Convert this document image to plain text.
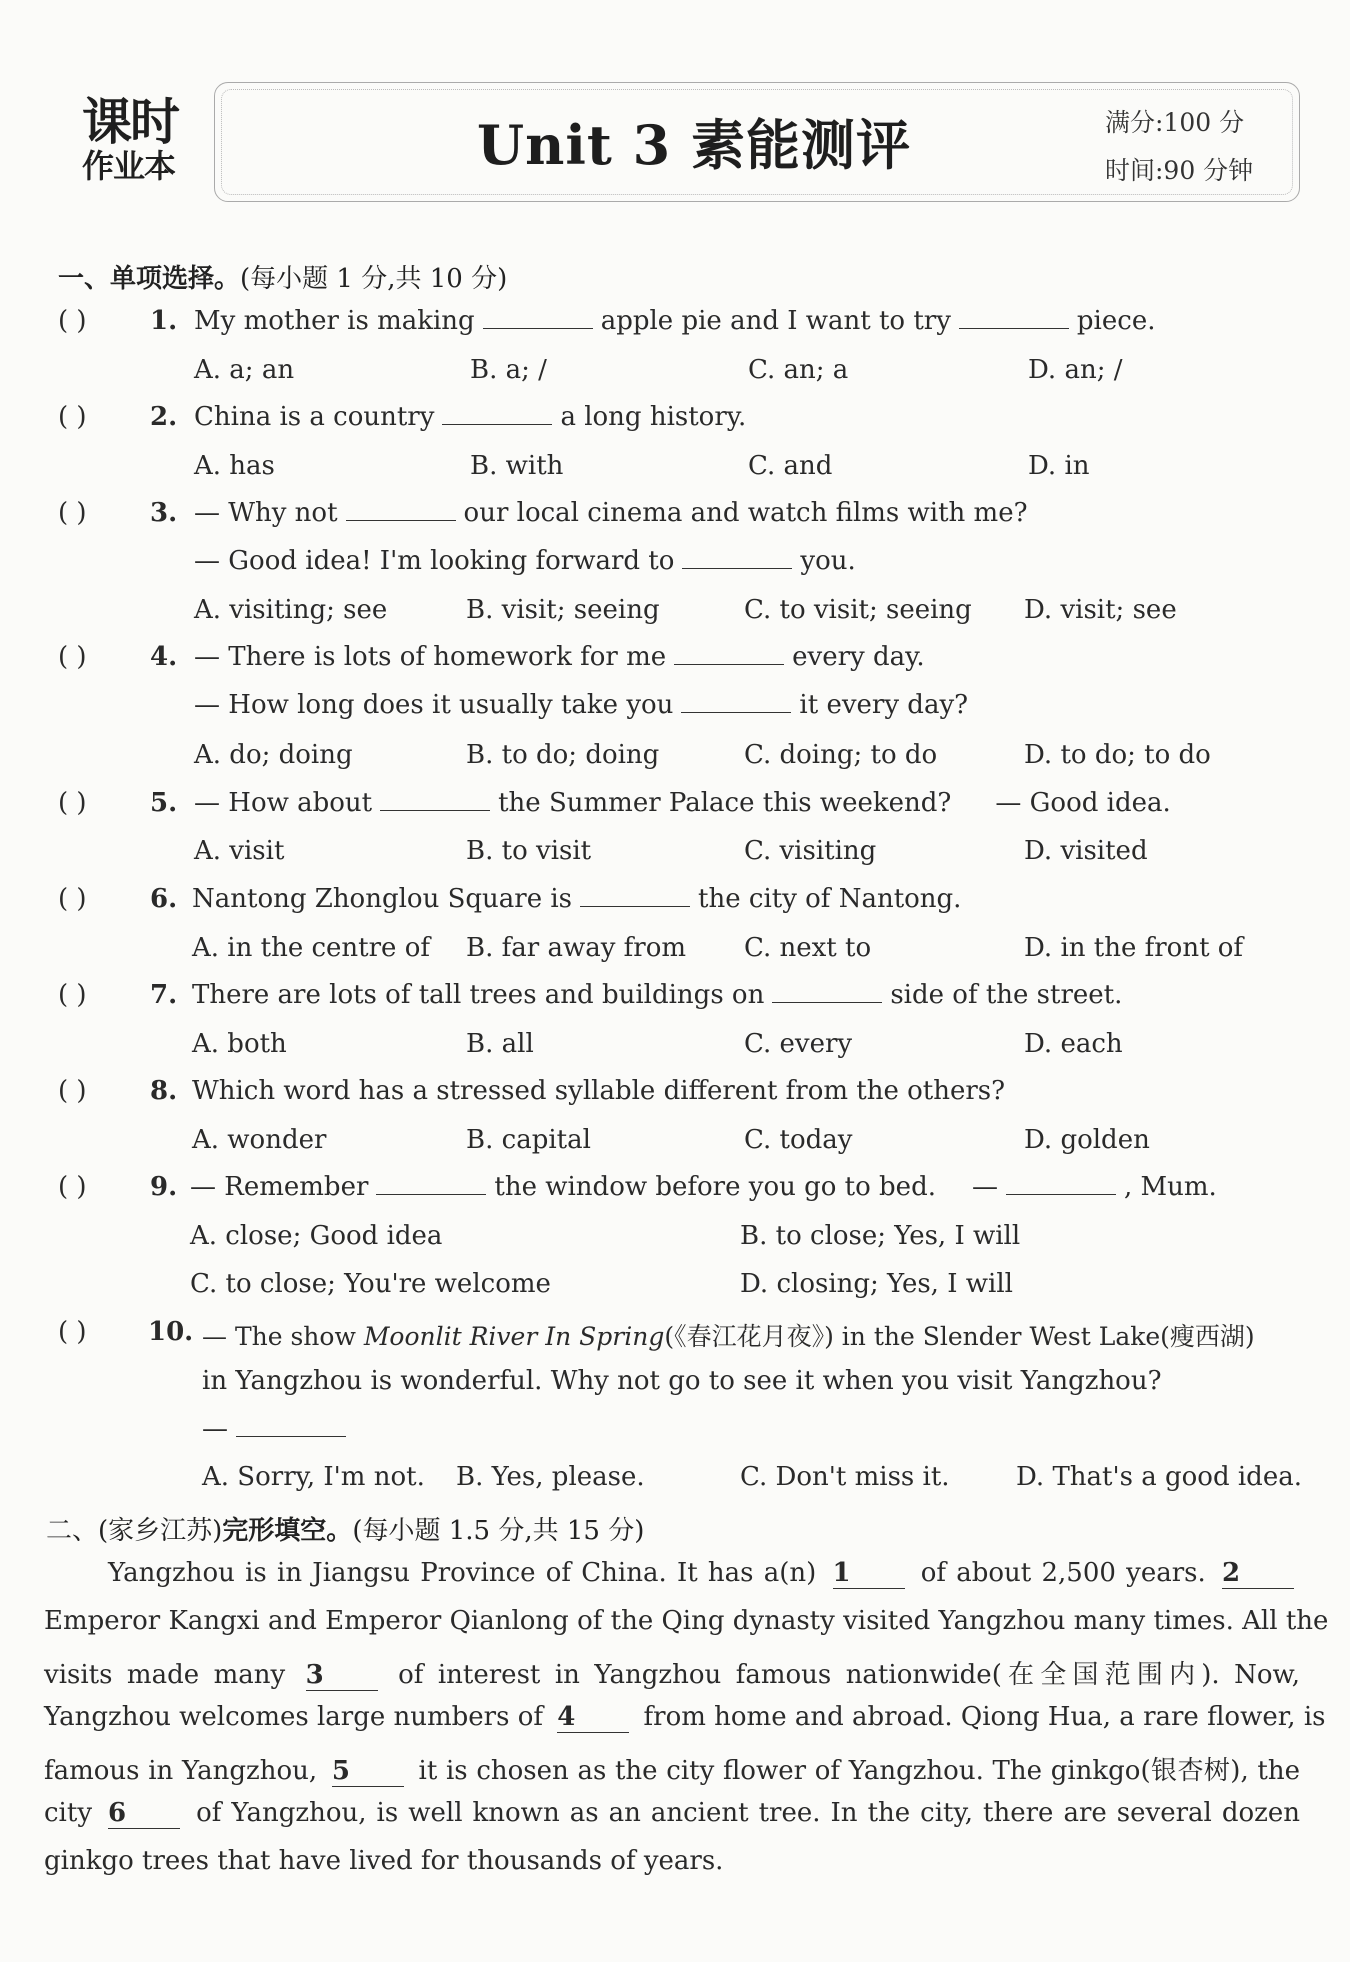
课时
作业本	Unit 3 素能测评	满分:100 分
时间:90 分钟
一、单项选择。(每小题 1 分,共 10 分)
( ) 1. My mother is making	apple pie and I want to try	piece.
A. a; an	B. a; /	C. an; a	D. an; /
( ) 2. China is a country	a long history.
A. has	B. with	C. and	D. in
( ) 3. — Why not	our local cinema and watch films with me?
— Good idea! I'm looking forward to	you.
A. visiting; see	B. visit; seeing	C. to visit; seeing D. visit; see
( ) 4. — There is lots of homework for me	every day.
— How long does it usually take you	it every day?
A. do; doing	B. to do; doing	C. doing; to do	D. to do; to do
( ) 5. — How about	the Summer Palace this weekend? — Good idea.
A. visit	B. to visit	C. visiting	D. visited
( ) 6. Nantong Zhonglou Square is	the city of Nantong.
A. in the centre of B. far away from C. next to	D. in the front of
( ) 7. There are lots of tall trees and buildings on	side of the street.
A. both	B. all	C. every	D. each
( ) 8. Which word has a stressed syllable different from the others?
A. wonder	B. capital	C. today	D. golden
( ) 9. — Remember	the window before you go to bed. —	, Mum.
A. close; Good idea	B. to close; Yes, I will
C. to close; You're welcome	D. closing; Yes, I will
( ) 10. — The show Moonlit River In Spring(《春江花月夜》) in the Slender West Lake(瘦西湖)
in Yangzhou is wonderful. Why not go to see it when you visit Yangzhou?
—
A. Sorry, I'm not. B. Yes, please.	C. Don't miss it.	D. That's a good idea.
二、(家乡江苏)完形填空。(每小题 1.5 分,共 15 分)
Yangzhou is in Jiangsu Province of China. It has a(n) 1	of about 2,500 years. 2
Emperor Kangxi and Emperor Qianlong of the Qing dynasty visited Yangzhou many times. All the
visits made many 3	of interest in Yangzhou famous nationwide(在全国范围内). Now,
Yangzhou welcomes large numbers of 4	from home and abroad. Qiong Hua, a rare flower, is
famous in Yangzhou, 5	it is chosen as the city flower of Yangzhou. The ginkgo(银杏树), the
city 6	of Yangzhou, is well known as an ancient tree. In the city, there are several dozen
ginkgo trees that have lived for thousands of years.
